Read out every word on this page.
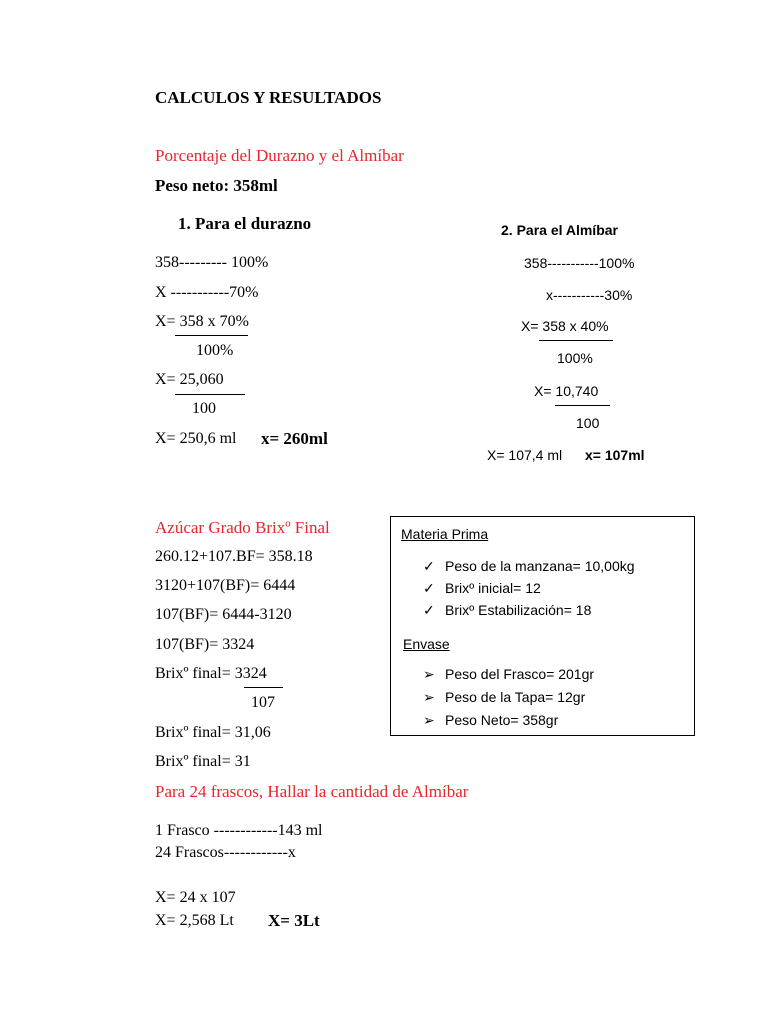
CALCULOS Y RESULTADOS
Porcentaje del Durazno y el Almíbar
Peso neto: 358ml
1. Para el durazno
358--------- 100%
X -----------70%
X= 358 x 70%
100%
X= 25,060
100
X= 250,6 ml x= 260ml
2. Para el Almíbar
358-----------100%
x-----------30%
X= 358 x 40%
100%
X= 10,740
100
X= 107,4 ml x= 107ml
Azúcar Grado Brixº Final
260.12+107.BF= 358.18
3120+107(BF)= 6444
107(BF)= 6444-3120
107(BF)= 3324
Brixº final= 3324
107
Brixº final= 31,06
Brixº final= 31
Materia Prima
✓ Peso de la manzana= 10,00kg
✓ Brixº inicial= 12
✓ Brixº Estabilización= 18
Envase
➢ Peso del Frasco= 201gr
➢ Peso de la Tapa= 12gr
➢ Peso Neto= 358gr
Para 24 frascos, Hallar la cantidad de Almíbar
1 Frasco ------------143 ml
24 Frascos------------x
X= 24 x 107
X= 2,568 Lt X= 3Lt
